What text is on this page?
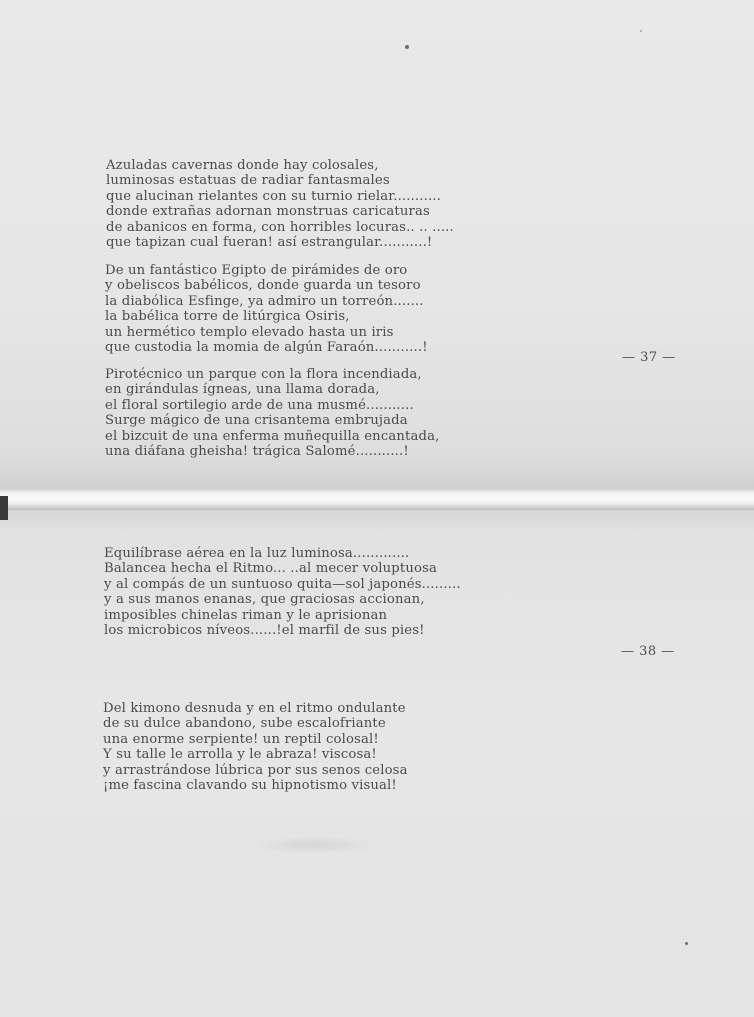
Azuladas cavernas donde hay colosales,
luminosas estatuas de radiar fantasmales
que alucinan rielantes con su turnio rielar...........
donde extrañas adornan monstruas caricaturas
de abanicos en forma, con horribles locuras.. .. .....
que tapizan cual fueran! así estrangular...........!
De un fantástico Egipto de pirámides de oro
y obeliscos babélicos, donde guarda un tesoro
la diabólica Esfinge, ya admiro un torreón.......
la babélica torre de litúrgica Osiris,
un hermético templo elevado hasta un iris
que custodia la momia de algún Faraón...........!
Pirotécnico un parque con la flora incendiada,
en girándulas ígneas, una llama dorada,
el floral sortilegio arde de una musmé...........
Surge mágico de una crisantema embrujada
el bizcuit de una enferma muñequilla encantada,
una diáfana gheisha! trágica Salomé...........!
— 37 —
Equilíbrase aérea en la luz luminosa.............
Balancea hecha el Ritmo... ..al mecer voluptuosa
y al compás de un suntuoso quita—sol japonés.........
y a sus manos enanas, que graciosas accionan,
imposibles chinelas riman y le aprisionan
los microbicos níveos......!el marfil de sus pies!
— 38 —
Del kimono desnuda y en el ritmo ondulante
de su dulce abandono, sube escalofriante
una enorme serpiente! un reptil colosal!
Y su talle le arrolla y le abraza! viscosa!
y arrastrándose lúbrica por sus senos celosa
¡me fascina clavando su hipnotismo visual!
